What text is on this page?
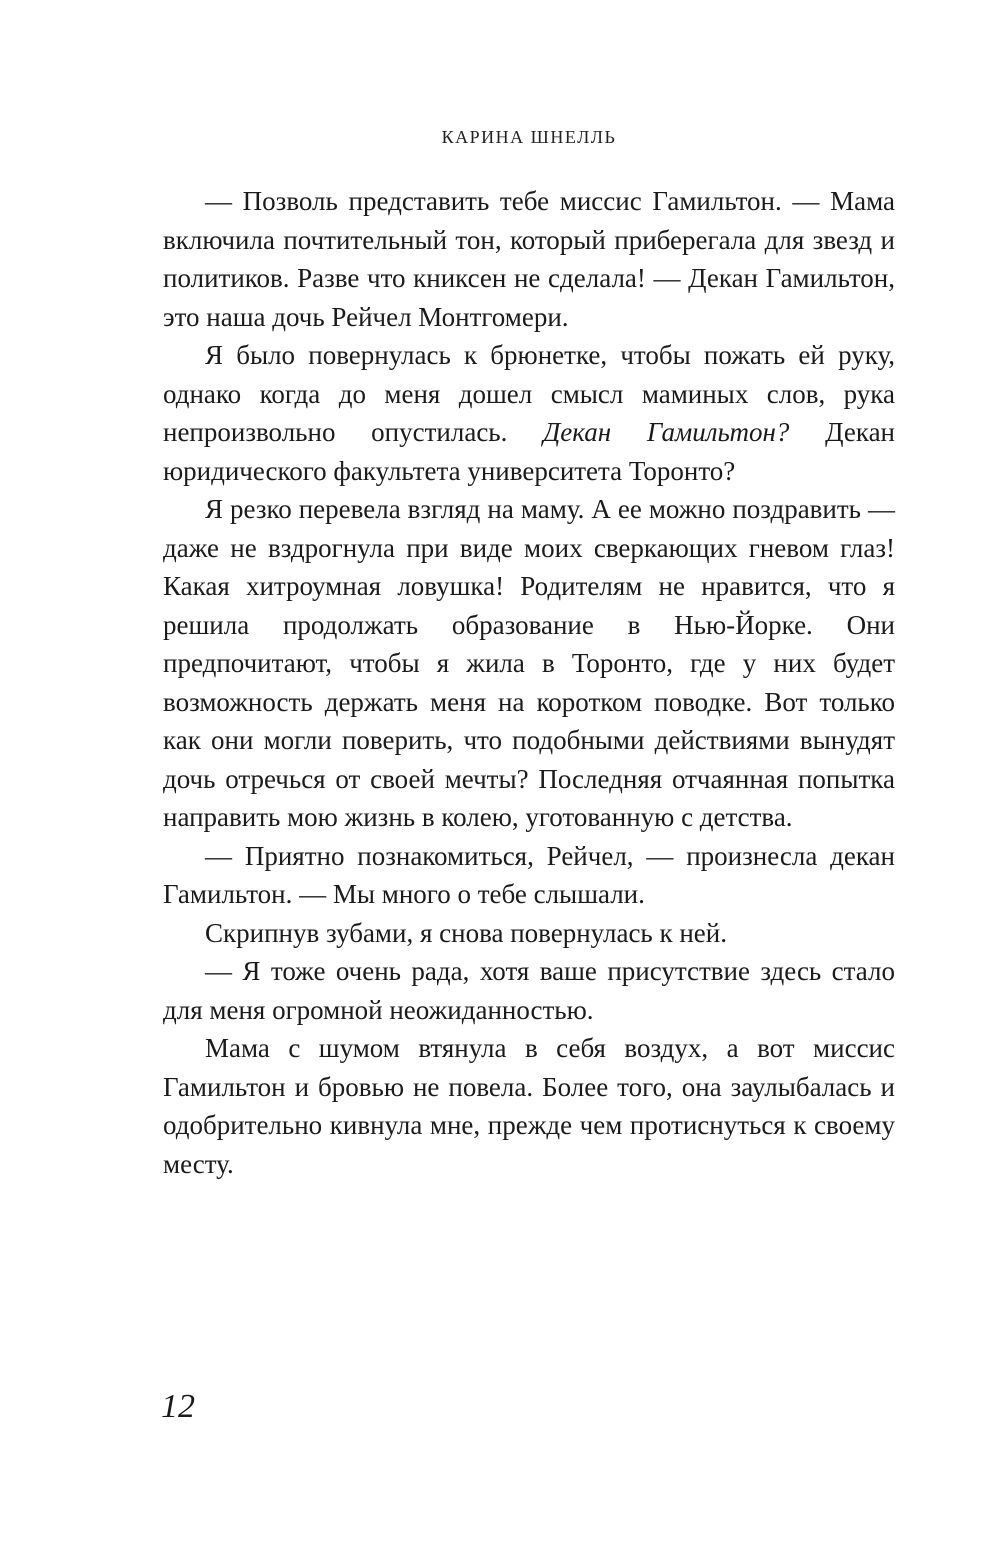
КАРИНА ШНЕЛЛЬ

— Позволь представить тебе миссис Гамильтон. — Мама включила почтительный тон, который приберегала для звезд и политиков. Разве что книксен не сделала! — Декан Гамильтон, это наша дочь Рейчел Монтгомери.

Я было повернулась к брюнетке, чтобы пожать ей руку, однако когда до меня дошел смысл маминых слов, рука непроизвольно опустилась. Декан Гамильтон? Декан юридического факультета университета Торонто?

Я резко перевела взгляд на маму. А ее можно поздравить — даже не вздрогнула при виде моих сверкающих гневом глаз! Какая хитроумная ловушка! Родителям не нравится, что я решила продолжать образование в Нью-Йорке. Они предпочитают, чтобы я жила в Торонто, где у них будет возможность держать меня на коротком поводке. Вот только как они могли поверить, что подобными действиями вынудят дочь отречься от своей мечты? Последняя отчаянная попытка направить мою жизнь в колею, уготованную с детства.

— Приятно познакомиться, Рейчел, — произнесла декан Гамильтон. — Мы много о тебе слышали.

Скрипнув зубами, я снова повернулась к ней.

— Я тоже очень рада, хотя ваше присутствие здесь стало для меня огромной неожиданностью.

Мама с шумом втянула в себя воздух, а вот миссис Гамильтон и бровью не повела. Более того, она заулыбалась и одобрительно кивнула мне, прежде чем протиснуться к своему месту.

12
